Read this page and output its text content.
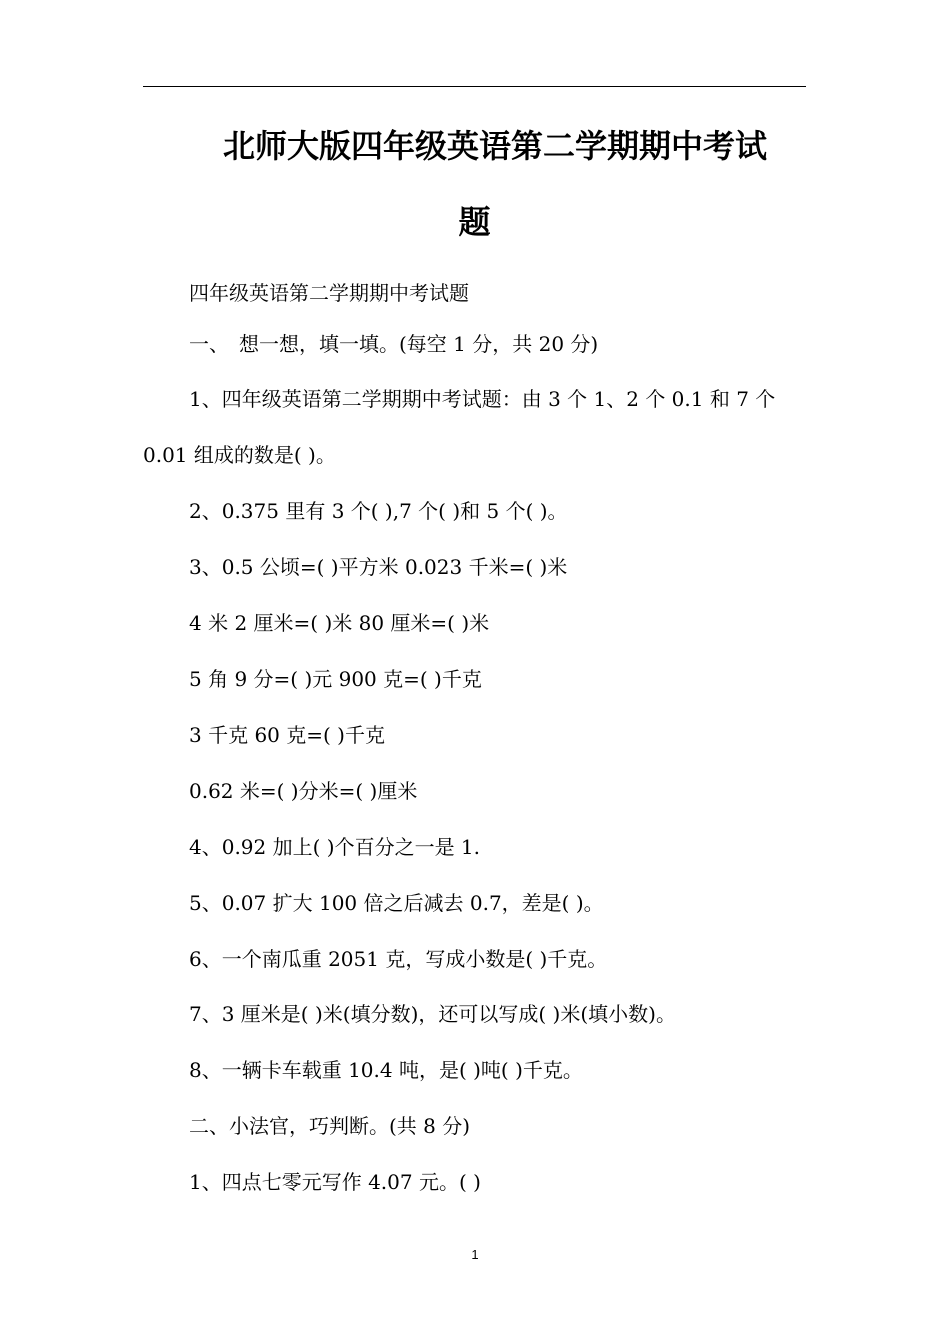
北师大版四年级英语第二学期期中考试
题
四年级英语第二学期期中考试题
一、　想一想，填一填。(每空 1 分，共 20 分)
1、四年级英语第二学期期中考试题：由 3 个 1、2 个 0.1 和 7 个
0.01 组成的数是( )。
2、0.375 里有 3 个( ),7 个( )和 5 个( )。
3、0.5 公顷=( )平方米 0.023 千米=( )米
4 米 2 厘米=( )米 80 厘米=( )米
5 角 9 分=( )元 900 克=( )千克
3 千克 60 克=( )千克
0.62 米=( )分米=( )厘米
4、0.92 加上( )个百分之一是 1.
5、0.07 扩大 100 倍之后减去 0.7，差是( )。
6、一个南瓜重 2051 克，写成小数是( )千克。
7、3 厘米是( )米(填分数)，还可以写成( )米(填小数)。
8、一辆卡车载重 10.4 吨，是( )吨( )千克。
二、小法官，巧判断。(共 8 分)
1、四点七零元写作 4.07 元。( )
1
